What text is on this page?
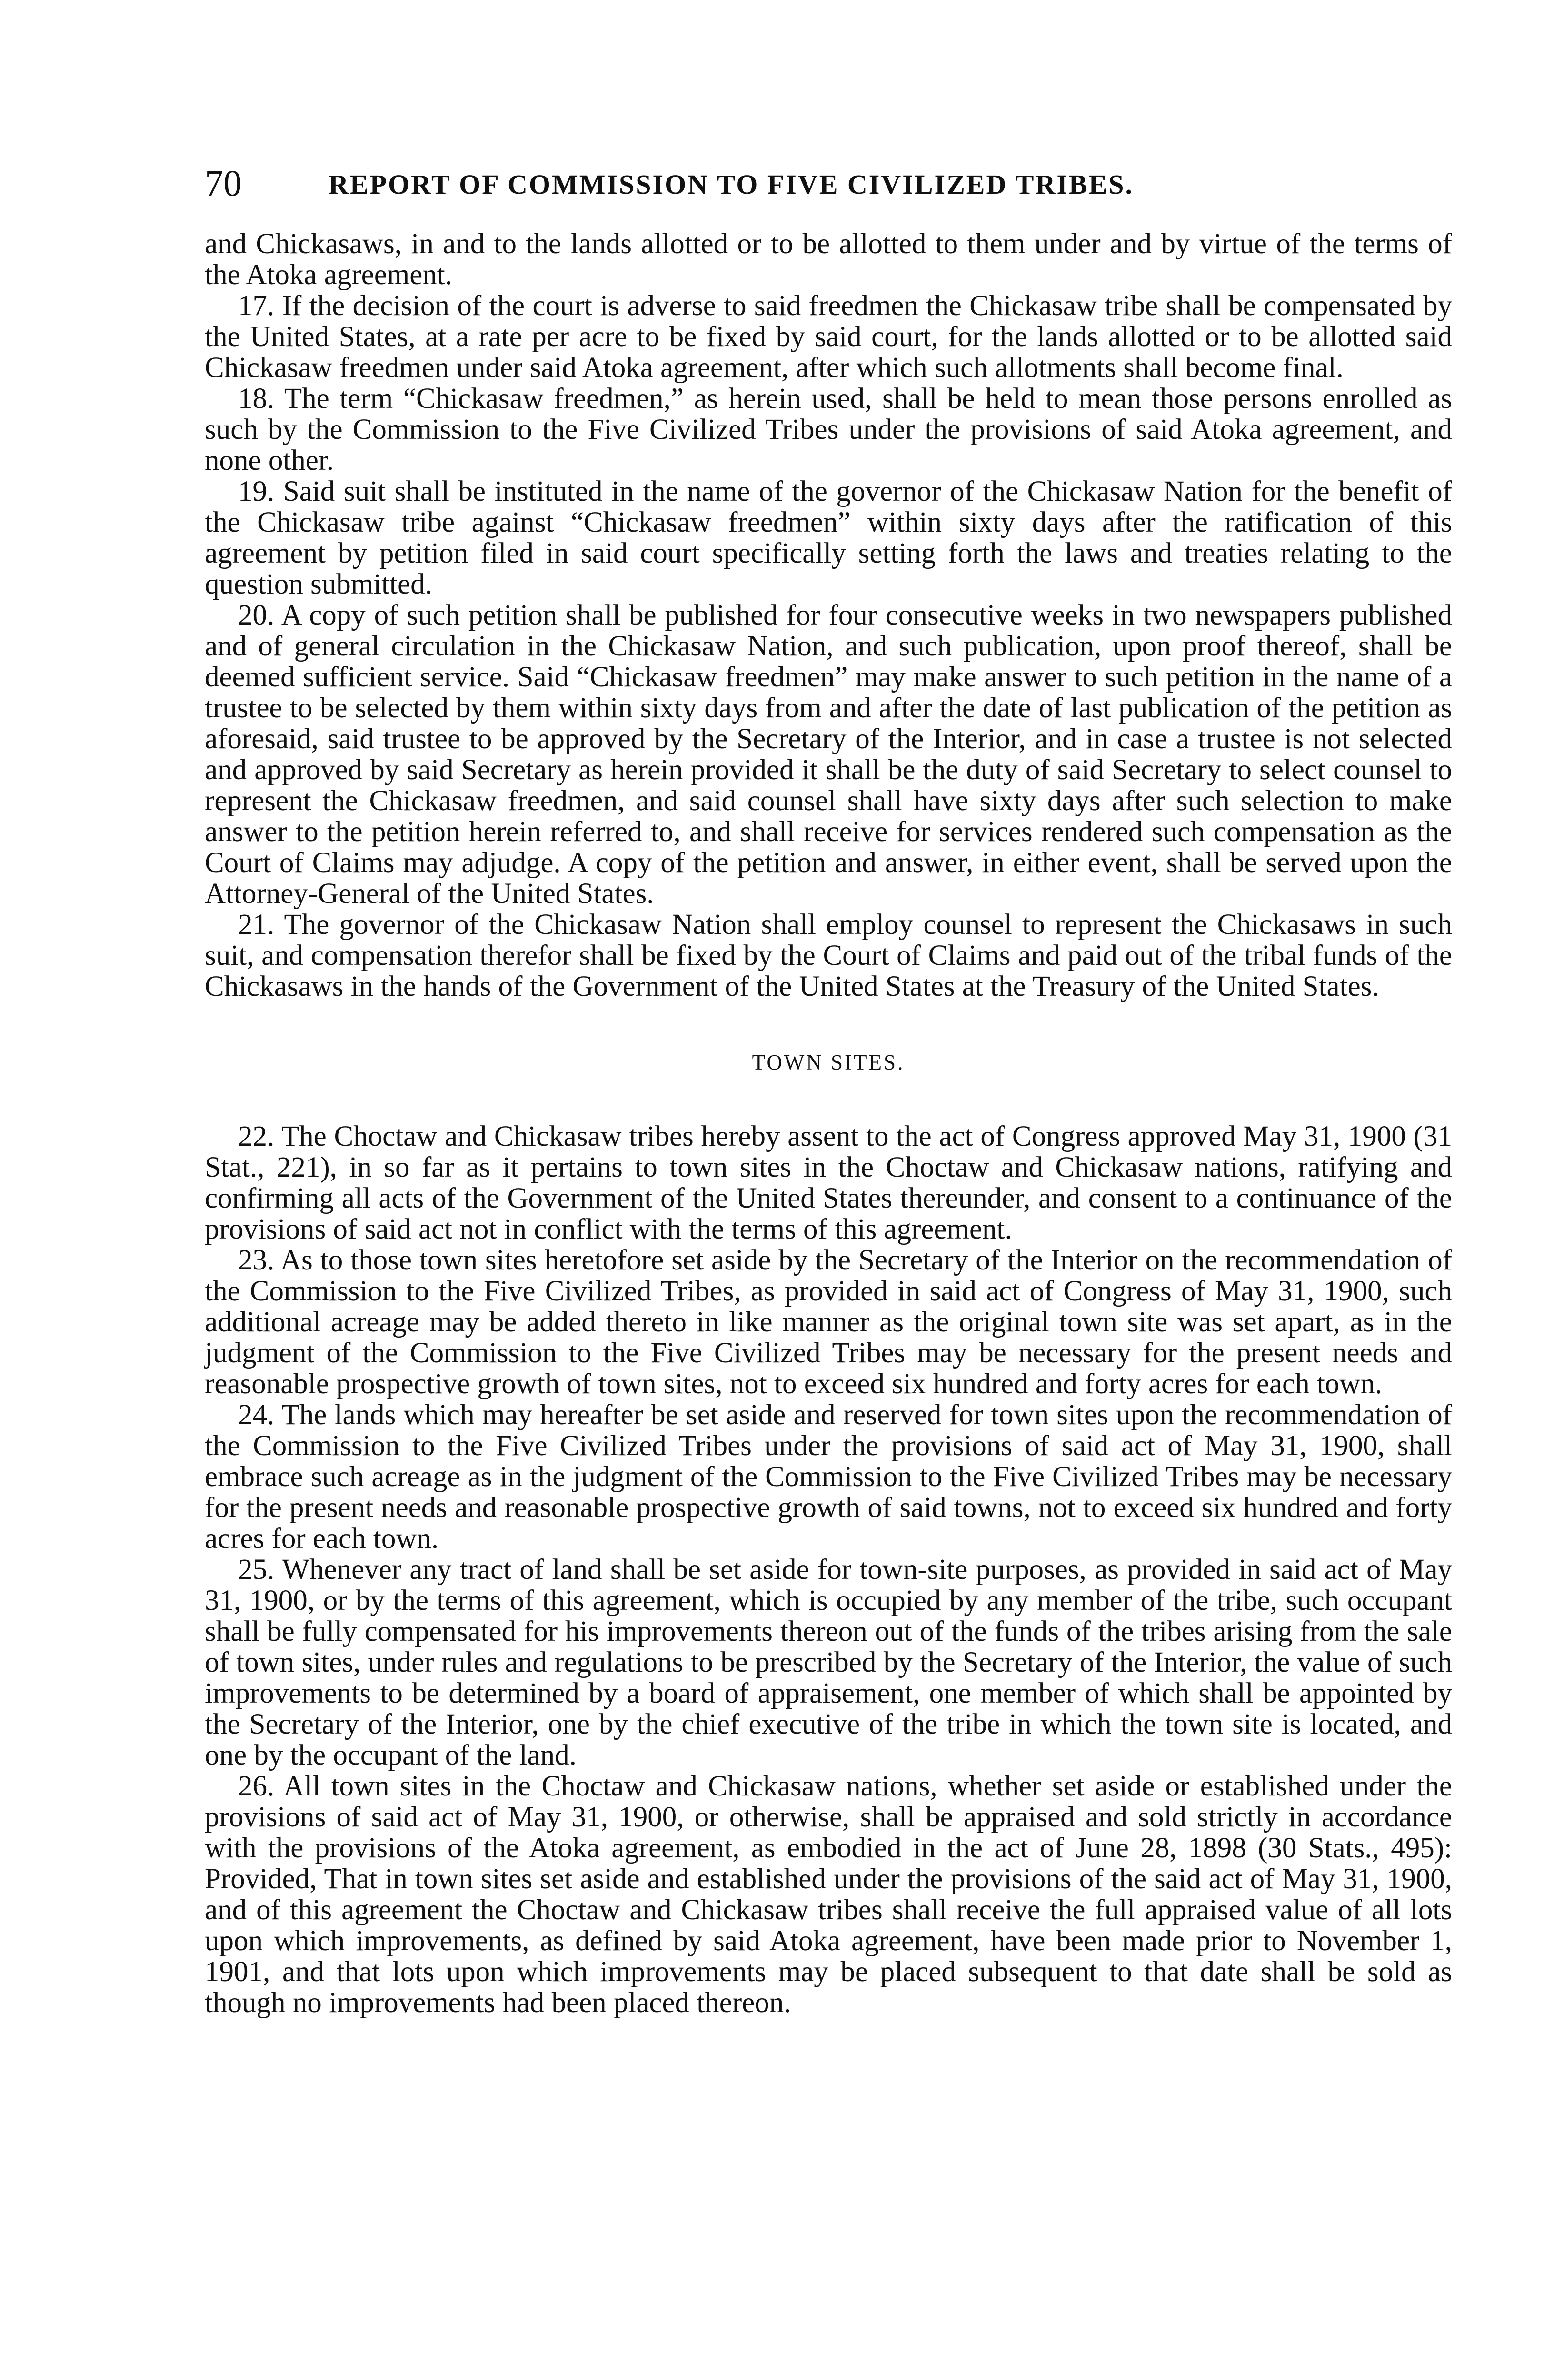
70	REPORT OF COMMISSION TO FIVE CIVILIZED TRIBES.

and Chickasaws, in and to the lands allotted or to be allotted to them under and by virtue of the terms of the Atoka agreement.

17. If the decision of the court is adverse to said freedmen the Chickasaw tribe shall be compensated by the United States, at a rate per acre to be fixed by said court, for the lands allotted or to be allotted said Chickasaw freedmen under said Atoka agreement, after which such allotments shall become final.

18. The term “Chickasaw freedmen,” as herein used, shall be held to mean those persons enrolled as such by the Commission to the Five Civilized Tribes under the provisions of said Atoka agreement, and none other.

19. Said suit shall be instituted in the name of the governor of the Chickasaw Nation for the benefit of the Chickasaw tribe against “Chickasaw freedmen” within sixty days after the ratification of this agreement by petition filed in said court specifically setting forth the laws and treaties relating to the question submitted.

20. A copy of such petition shall be published for four consecutive weeks in two newspapers published and of general circulation in the Chickasaw Nation, and such publication, upon proof thereof, shall be deemed sufficient service. Said “Chickasaw freedmen” may make answer to such petition in the name of a trustee to be selected by them within sixty days from and after the date of last publication of the petition as aforesaid, said trustee to be approved by the Secretary of the Interior, and in case a trustee is not selected and approved by said Secretary as herein provided it shall be the duty of said Secretary to select counsel to represent the Chickasaw freedmen, and said counsel shall have sixty days after such selection to make answer to the petition herein referred to, and shall receive for services rendered such compensation as the Court of Claims may adjudge. A copy of the petition and answer, in either event, shall be served upon the Attorney-General of the United States.

21. The governor of the Chickasaw Nation shall employ counsel to represent the Chickasaws in such suit, and compensation therefor shall be fixed by the Court of Claims and paid out of the tribal funds of the Chickasaws in the hands of the Government of the United States at the Treasury of the United States.

TOWN SITES.

22. The Choctaw and Chickasaw tribes hereby assent to the act of Congress approved May 31, 1900 (31 Stat., 221), in so far as it pertains to town sites in the Choctaw and Chickasaw nations, ratifying and confirming all acts of the Government of the United States thereunder, and consent to a continuance of the provisions of said act not in conflict with the terms of this agreement.

23. As to those town sites heretofore set aside by the Secretary of the Interior on the recommendation of the Commission to the Five Civilized Tribes, as provided in said act of Congress of May 31, 1900, such additional acreage may be added thereto in like manner as the original town site was set apart, as in the judgment of the Commission to the Five Civilized Tribes may be necessary for the present needs and reasonable prospective growth of town sites, not to exceed six hundred and forty acres for each town.

24. The lands which may hereafter be set aside and reserved for town sites upon the recommendation of the Commission to the Five Civilized Tribes under the provisions of said act of May 31, 1900, shall embrace such acreage as in the judgment of the Commission to the Five Civilized Tribes may be necessary for the present needs and reasonable prospective growth of said towns, not to exceed six hundred and forty acres for each town.

25. Whenever any tract of land shall be set aside for town-site purposes, as provided in said act of May 31, 1900, or by the terms of this agreement, which is occupied by any member of the tribe, such occupant shall be fully compensated for his improvements thereon out of the funds of the tribes arising from the sale of town sites, under rules and regulations to be prescribed by the Secretary of the Interior, the value of such improvements to be determined by a board of appraisement, one member of which shall be appointed by the Secretary of the Interior, one by the chief executive of the tribe in which the town site is located, and one by the occupant of the land.

26. All town sites in the Choctaw and Chickasaw nations, whether set aside or established under the provisions of said act of May 31, 1900, or otherwise, shall be appraised and sold strictly in accordance with the provisions of the Atoka agreement, as embodied in the act of June 28, 1898 (30 Stats., 495): Provided, That in town sites set aside and established under the provisions of the said act of May 31, 1900, and of this agreement the Choctaw and Chickasaw tribes shall receive the full appraised value of all lots upon which improvements, as defined by said Atoka agreement, have been made prior to November 1, 1901, and that lots upon which improvements may be placed subsequent to that date shall be sold as though no improvements had been placed thereon.
